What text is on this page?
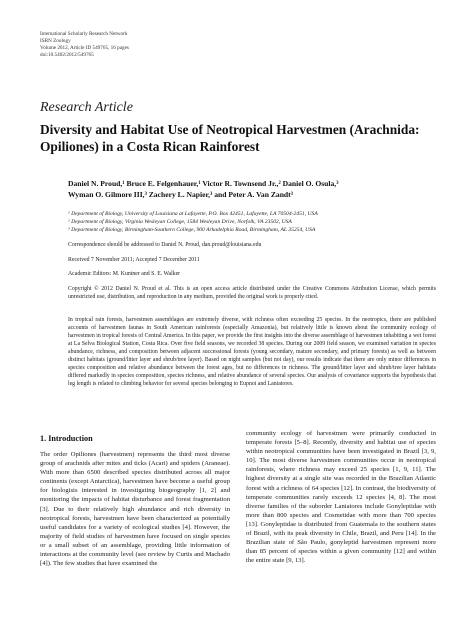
International Scholarly Research Network
ISRN Zoology
Volume 2012, Article ID 549765, 16 pages
doi:10.5402/2012/549765
Research Article
Diversity and Habitat Use of Neotropical Harvestmen (Arachnida: Opiliones) in a Costa Rican Rainforest
Daniel N. Proud,¹ Bruce E. Felgenhauer,¹ Victor R. Townsend Jr.,² Daniel O. Osula,³
Wyman O. Gilmore III,³ Zachery L. Napier,³ and Peter A. Van Zandt³
¹ Department of Biology, University of Louisiana at Lafayette, P.O. Box 42451, Lafayette, LA 70504-2451, USA
² Department of Biology, Virginia Wesleyan College, 1584 Wesleyan Drive, Norfolk, VA 23502, USA
³ Department of Biology, Birmingham-Southern College, 900 Arkadelphia Road, Birmingham, AL 35254, USA
Correspondence should be addressed to Daniel N. Proud, dan.proud@louisiana.edu
Received 7 November 2011; Accepted 7 December 2011
Academic Editors: M. Kuntner and S. E. Walker
Copyright © 2012 Daniel N. Proud et al. This is an open access article distributed under the Creative Commons Attribution License, which permits unrestricted use, distribution, and reproduction in any medium, provided the original work is properly cited.
In tropical rain forests, harvestmen assemblages are extremely diverse, with richness often exceeding 25 species. In the neotropics, there are published accounts of harvestmen faunas in South American rainforests (especially Amazonia), but relatively little is known about the community ecology of harvestmen in tropical forests of Central America. In this paper, we provide the first insights into the diverse assemblage of harvestmen inhabiting a wet forest at La Selva Biological Station, Costa Rica. Over five field seasons, we recorded 38 species. During our 2009 field season, we examined variation in species abundance, richness, and composition between adjacent successional forests (young secondary, mature secondary, and primary forests) as well as between distinct habitats (ground/litter layer and shrub/tree layer). Based on night samples (but not day), our results indicate that there are only minor differences in species composition and relative abundance between the forest ages, but no differences in richness. The ground/litter layer and shrub/tree layer habitats differed markedly in species composition, species richness, and relative abundance of several species. Our analysis of covariance supports the hypothesis that leg length is related to climbing behavior for several species belonging to Eupnoi and Laniatores.
1. Introduction
The order Opiliones (harvestmen) represents the third most diverse group of arachnids after mites and ticks (Acari) and spiders (Araneae). With more than 6500 described species distributed across all major continents (except Antarctica), harvestmen have become a useful group for biologists interested in investigating biogeography [1, 2] and monitoring the impacts of habitat disturbance and forest fragmentation [3]. Due to their relatively high abundance and rich diversity in neotropical forests, harvestmen have been characterized as potentially useful candidates for a variety of ecological studies [4]. However, the majority of field studies of harvestmen have focused on single species or a small subset of an assemblage, providing little information of interactions at the community level (see review by Curtis and Machado [4]). The few studies that have examined the
community ecology of harvestmen were primarily conducted in temperate forests [5–8]. Recently, diversity and habitat use of species within neotropical communities have been investigated in Brazil [3, 9, 10]. The most diverse harvestmen communities occur in neotropical rainforests, where richness may exceed 25 species [1, 9, 11]. The highest diversity at a single site was recorded in the Brazilian Atlantic forest with a richness of 64 species [12]. In contrast, the biodiversity of temperate communities rarely exceeds 12 species [4, 8]. The most diverse families of the suborder Laniatores include Gonyleptidae with more than 800 species and Cosmetidae with more than 700 species [13]. Gonyleptidae is distributed from Guatemala to the southern states of Brazil, with its peak diversity in Chile, Brazil, and Peru [14]. In the Brazilian state of São Paulo, gonyleptid harvestmen represent more than 85 percent of species within a given community [12] and within the entire state [9, 13].
